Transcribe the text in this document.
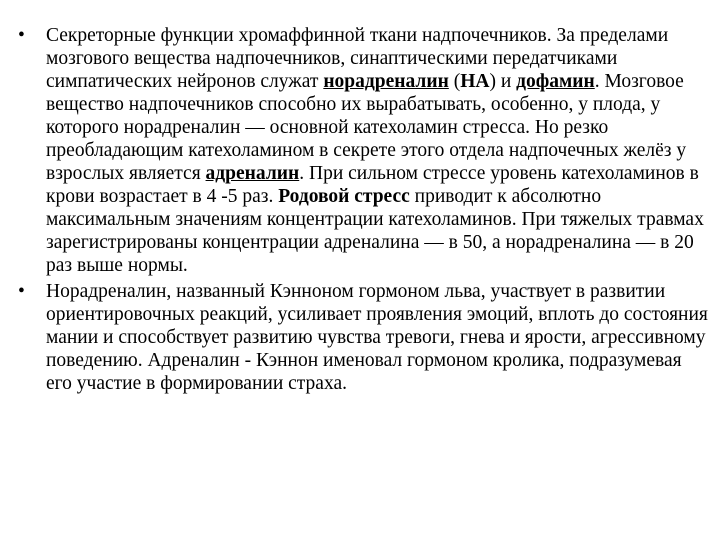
•	Секреторные функции хромаффинной ткани надпочечников. За пределами мозгового вещества надпочечников, синаптическими передатчиками симпатических нейронов служат норадреналин (НА) и дофамин. Мозговое вещество надпочечников способно их вырабатывать, особенно, у плода, у которого норадреналин — основной катехоламин стресса. Но резко преобладающим катехоламином в секрете этого отдела надпочечных желёз у взрослых является адреналин. При сильном стрессе уровень катехоламинов в крови возрастает в 4 -5 раз. Родовой стресс приводит к абсолютно максимальным значениям концентрации катехоламинов. При тяжелых травмах зарегистрированы концентрации адреналина — в 50, а норадреналина — в 20 раз выше нормы.
•	Норадреналин, названный Кэнноном гормоном льва, участвует в развитии ориентировочных реакций, усиливает проявления эмоций, вплоть до состояния мании и способствует развитию чувства тревоги, гнева и ярости, агрессивному поведению. Адреналин - Кэннон именовал гормоном кролика, подразумевая его участие в формировании страха.
